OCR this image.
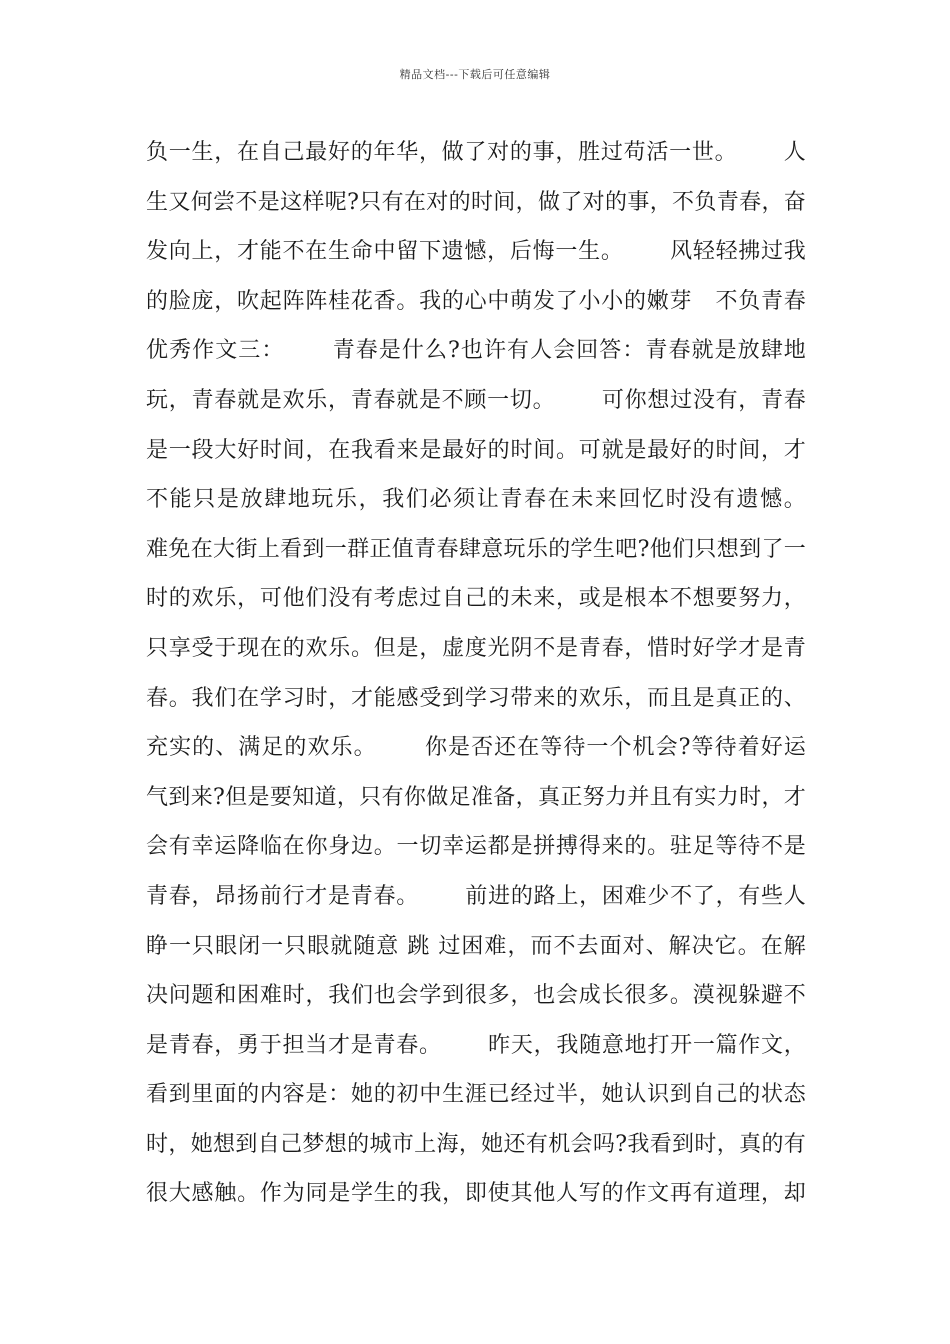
精品文档---下载后可任意编辑
负一生，在自己最好的年华，做了对的事，胜过苟活一世。      人
生又何尝不是这样呢?只有在对的时间，做了对的事，不负青春，奋
发向上，才能不在生命中留下遗憾，后悔一生。      风轻轻拂过我
的脸庞，吹起阵阵桂花香。我的心中萌发了小小的嫩芽   不负青春
优秀作文三：      青春是什么?也许有人会回答：青春就是放肆地
玩，青春就是欢乐，青春就是不顾一切。      可你想过没有，青春
是一段大好时间，在我看来是最好的时间。可就是最好的时间，才
不能只是放肆地玩乐，我们必须让青春在未来回忆时没有遗憾。
难免在大街上看到一群正值青春肆意玩乐的学生吧?他们只想到了一
时的欢乐，可他们没有考虑过自己的未来，或是根本不想要努力，
只享受于现在的欢乐。但是，虚度光阴不是青春，惜时好学才是青
春。我们在学习时，才能感受到学习带来的欢乐，而且是真正的、
充实的、满足的欢乐。      你是否还在等待一个机会?等待着好运
气到来?但是要知道，只有你做足准备，真正努力并且有实力时，才
会有幸运降临在你身边。一切幸运都是拼搏得来的。驻足等待不是
青春，昂扬前行才是青春。      前进的路上，困难少不了，有些人
睁一只眼闭一只眼就随意 跳 过困难，而不去面对、解决它。在解
决问题和困难时，我们也会学到很多，也会成长很多。漠视躲避不
是青春，勇于担当才是青春。      昨天，我随意地打开一篇作文，
看到里面的内容是：她的初中生涯已经过半，她认识到自己的状态
时，她想到自己梦想的城市上海，她还有机会吗?我看到时，真的有
很大感触。作为同是学生的我，即使其他人写的作文再有道理，却
